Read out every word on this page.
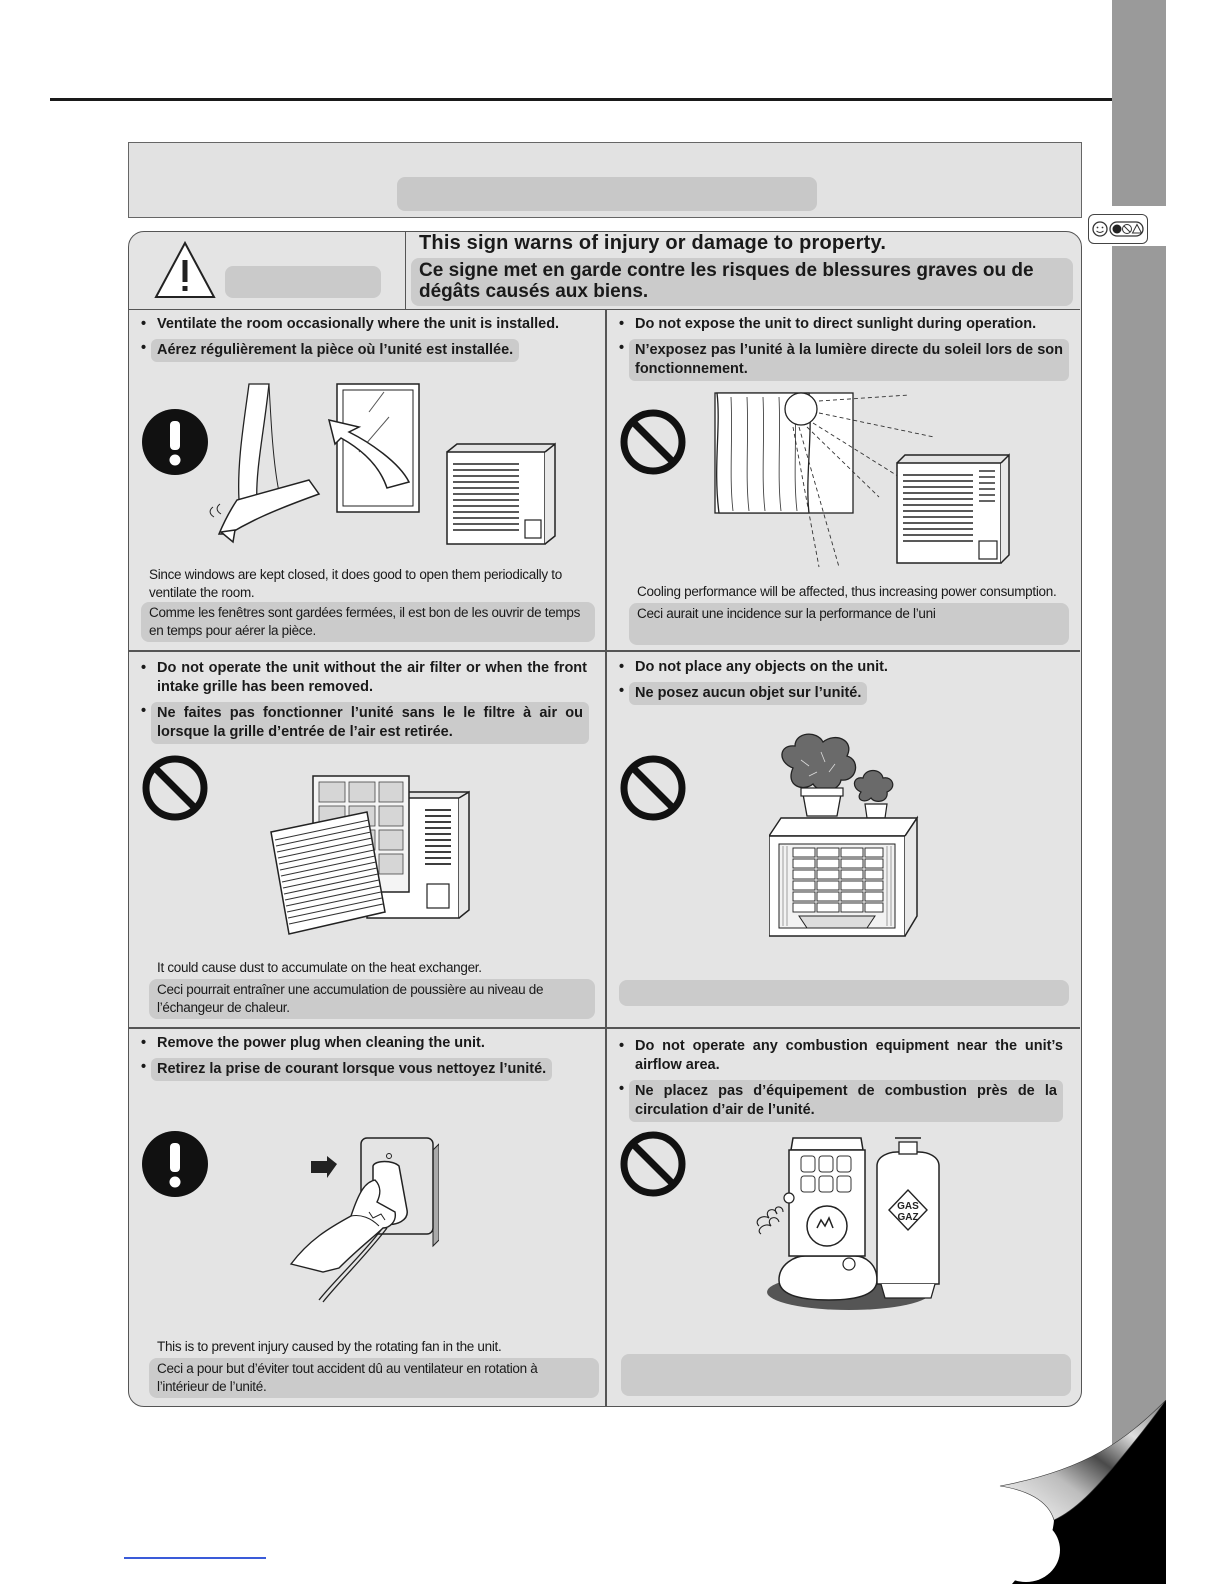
This sign warns of injury or damage to property.
Ce signe met en garde contre les risques de blessures graves ou de dégâts causés aux biens.
• Ventilate the room occasionally where the unit is installed.
• Aérez régulièrement la pièce où l’unité est installée.
Since windows are kept closed, it does good to open them periodically to ventilate the room.
Comme les fenêtres sont gardées fermées, il est bon de les ouvrir de temps en temps pour aérer la pièce.
• Do not expose the unit to direct sunlight during operation.
• N’exposez pas l’unité à la lumière directe du soleil lors de son fonctionnement.
Cooling performance will be affected, thus increasing power consumption.
Ceci aurait une incidence sur la performance de l’uni
• Do not operate the unit without the air filter or when the front intake grille has been removed.
• Ne faites pas fonctionner l’unité sans le le filtre à air ou lorsque la grille d’entrée de l’air est retirée.
It could cause dust to accumulate on the heat exchanger.
Ceci pourrait entraîner une accumulation de poussière au niveau de l’échangeur de chaleur.
• Do not place any objects on the unit.
• Ne posez aucun objet sur l’unité.
• Remove the power plug when cleaning the unit.
• Retirez la prise de courant lorsque vous nettoyez l’unité.
This is to prevent injury caused by the rotating fan in the unit.
Ceci a pour but d’éviter tout accident dû au ventilateur en rotation à l’intérieur de l’unité.
• Do not operate any combustion equipment near the unit’s airflow area.
• Ne placez pas d’équipement de combustion près de la circulation d’air de l’unité.
GAS
GAZ
